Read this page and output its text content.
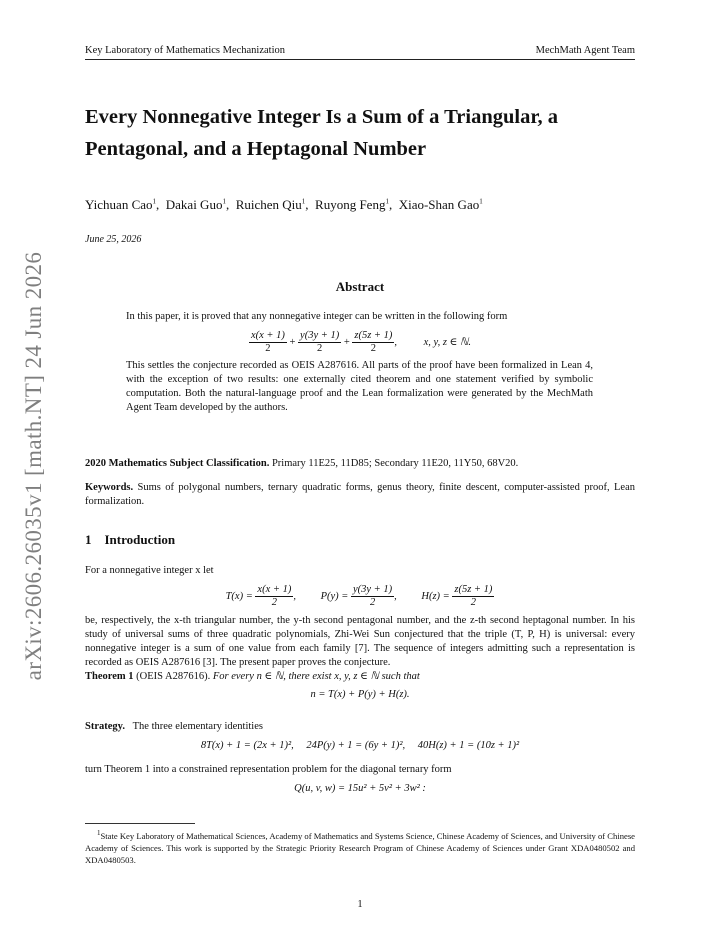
Key Laboratory of Mathematics Mechanization	MechMath Agent Team
arXiv:2606.26035v1 [math.NT] 24 Jun 2026
Every Nonnegative Integer Is a Sum of a Triangular, a Pentagonal, and a Heptagonal Number
Yichuan Cao$^1$,  Dakai Guo$^1$,  Ruichen Qiu$^1$,  Ruyong Feng$^1$,  Xiao-Shan Gao$^1$
June 25, 2026
Abstract
In this paper, it is proved that any nonnegative integer can be written in the following form
$\frac{x(x + 1)}{2} + \frac{y(3y + 1)}{2} + \frac{z(5z + 1)}{2}$ , x, y, z ∈ ℕ.
This settles the conjecture recorded as OEIS A287616. All parts of the proof have been formalized in Lean 4, with the exception of two results: one externally cited theorem and one statement verified by symbolic computation. Both the natural-language proof and the Lean formalization were generated by the MechMath Agent Team developed by the authors.
2020 Mathematics Subject Classification. Primary 11E25, 11D85; Secondary 11E20, 11Y50, 68V20.
Keywords. Sums of polygonal numbers, ternary quadratic forms, genus theory, finite descent, computer-assisted proof, Lean formalization.
1 Introduction
For a nonnegative integer x let
$T(x) = \frac{x(x + 1)}{2}$ , $P(y) = \frac{y(3y + 1)}{2}$ , $H(z) = \frac{z(5z + 1)}{2}$
be, respectively, the x-th triangular number, the y-th second pentagonal number, and the z-th second heptagonal number. In his study of universal sums of three quadratic polynomials, Zhi-Wei Sun conjectured that the triple (T, P, H) is universal: every nonnegative integer is a sum of one value from each family [7]. The sequence of integers admitting such a representation is recorded as OEIS A287616 [3]. The present paper proves the conjecture.
Theorem 1 (OEIS A287616). For every n ∈ ℕ, there exist x, y, z ∈ ℕ such that
n = T(x) + P(y) + H(z).
Strategy. The three elementary identities
8T(x) + 1 = (2x + 1)², 24P(y) + 1 = (6y + 1)², 40H(z) + 1 = (10z + 1)²
turn Theorem 1 into a constrained representation problem for the diagonal ternary form
Q(u, v, w) = 15u² + 5v² + 3w² :
$^1$State Key Laboratory of Mathematical Sciences, Academy of Mathematics and Systems Science, Chinese Academy of Sciences, and University of Chinese Academy of Sciences. This work is supported by the Strategic Priority Research Program of Chinese Academy of Sciences under Grant XDA0480502 and XDA0480503.
1
